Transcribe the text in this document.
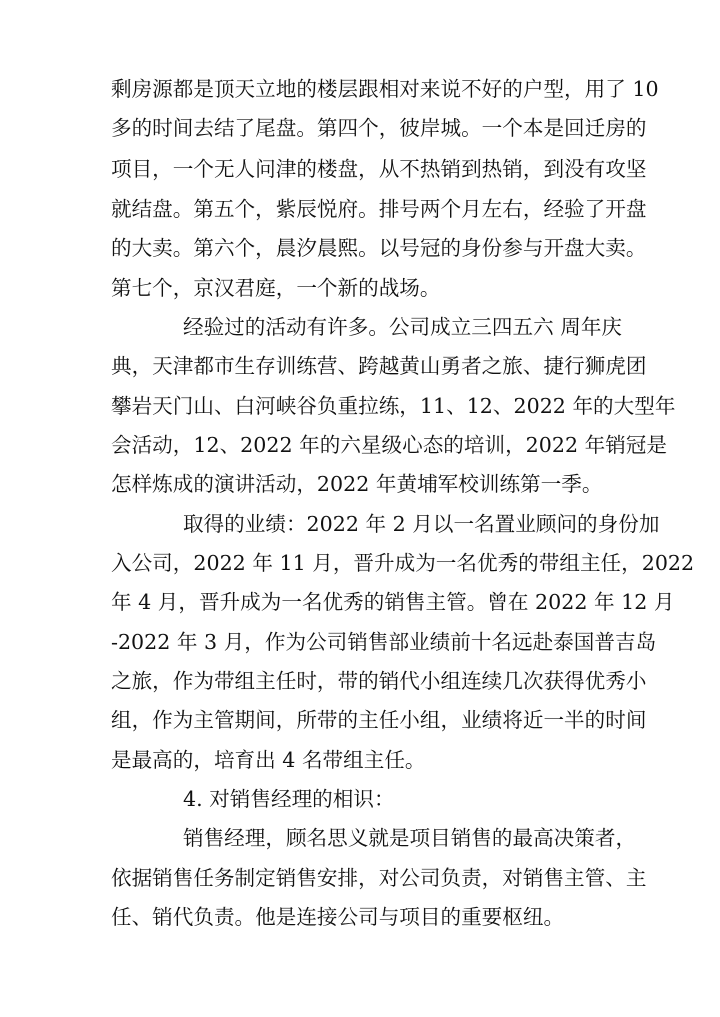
剩房源都是顶天立地的楼层跟相对来说不好的户型，用了 10
多的时间去结了尾盘。第四个，彼岸城。一个本是回迁房的
项目，一个无人问津的楼盘，从不热销到热销，到没有攻坚
就结盘。第五个，紫辰悦府。排号两个月左右，经验了开盘
的大卖。第六个，晨汐晨熙。以号冠的身份参与开盘大卖。
第七个，京汉君庭，一个新的战场。
经验过的活动有许多。公司成立三四五六 周年庆
典，天津都市生存训练营、跨越黄山勇者之旅、捷行狮虎团
攀岩天门山、白河峡谷负重拉练，11、12、2022 年的大型年
会活动，12、2022 年的六星级心态的培训，2022 年销冠是
怎样炼成的演讲活动，2022 年黄埔军校训练第一季。
取得的业绩：2022 年 2 月以一名置业顾问的身份加
入公司，2022 年 11 月，晋升成为一名优秀的带组主任，2022
年 4 月，晋升成为一名优秀的销售主管。曾在 2022 年 12 月
-2022 年 3 月，作为公司销售部业绩前十名远赴泰国普吉岛
之旅，作为带组主任时，带的销代小组连续几次获得优秀小
组，作为主管期间，所带的主任小组，业绩将近一半的时间
是最高的，培育出 4 名带组主任。
4. 对销售经理的相识：
销售经理，顾名思义就是项目销售的最高决策者，
依据销售任务制定销售安排，对公司负责，对销售主管、主
任、销代负责。他是连接公司与项目的重要枢纽。
